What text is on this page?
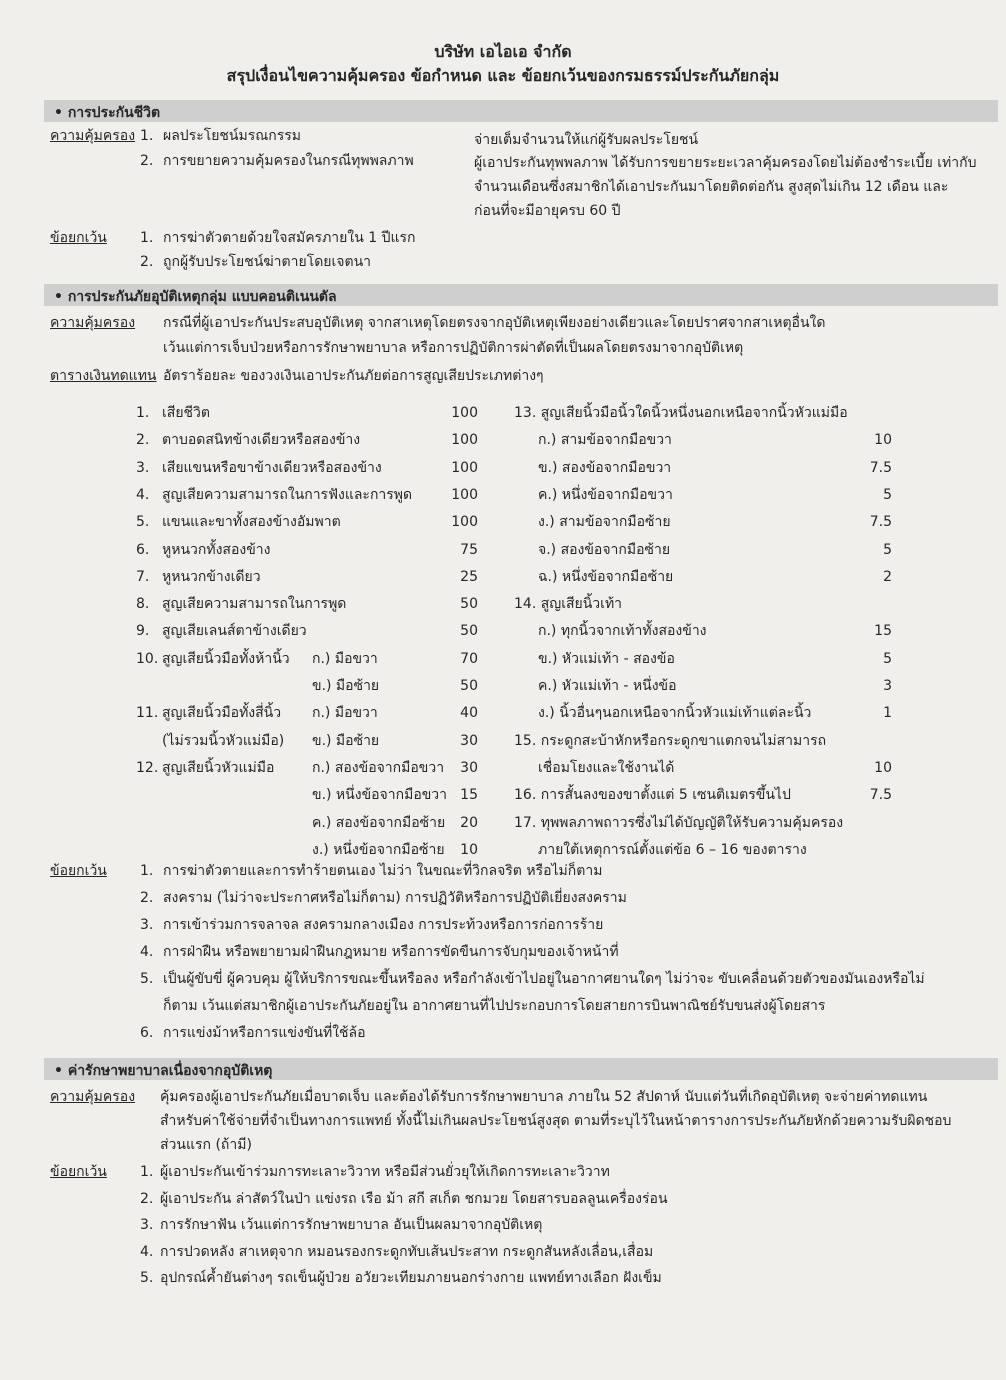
บริษัท เอไอเอ จำกัด
สรุปเงื่อนไขความคุ้มครอง ข้อกำหนด และ ข้อยกเว้นของกรมธรรม์ประกันภัยกลุ่ม
• การประกันชีวิต
ความคุ้มครอง 1. ผลประโยชน์มรณกรรม	จ่ายเต็มจำนวนให้แก่ผู้รับผลประโยชน์
2. การขยายความคุ้มครองในกรณีทุพพลภาพ	ผู้เอาประกันทุพพลภาพ ได้รับการขยายระยะเวลาคุ้มครองโดยไม่ต้องชำระเบี้ย เท่ากับ
จำนวนเดือนซึ่งสมาชิกได้เอาประกันมาโดยติดต่อกัน สูงสุดไม่เกิน 12 เดือน และ
ก่อนที่จะมีอายุครบ 60 ปี
ข้อยกเว้น 1. การฆ่าตัวตายด้วยใจสมัครภายใน 1 ปีแรก
2. ถูกผู้รับประโยชน์ฆ่าตายโดยเจตนา
• การประกันภัยอุบัติเหตุกลุ่ม แบบคอนติเนนตัล
ความคุ้มครอง กรณีที่ผู้เอาประกันประสบอุบัติเหตุ จากสาเหตุโดยตรงจากอุบัติเหตุเพียงอย่างเดียวและโดยปราศจากสาเหตุอื่นใด
เว้นแต่การเจ็บป่วยหรือการรักษาพยาบาล หรือการปฏิบัติการผ่าตัดที่เป็นผลโดยตรงมาจากอุบัติเหตุ
ตารางเงินทดแทน อัตราร้อยละ ของวงเงินเอาประกันภัยต่อการสูญเสียประเภทต่างๆ
1. เสียชีวิต	100
2. ตาบอดสนิทข้างเดียวหรือสองข้าง	100
3. เสียแขนหรือขาข้างเดียวหรือสองข้าง	100
4. สูญเสียความสามารถในการฟังและการพูด	100
5. แขนและขาทั้งสองข้างอัมพาต	100
6. หูหนวกทั้งสองข้าง	75
7. หูหนวกข้างเดียว	25
8. สูญเสียความสามารถในการพูด	50
9. สูญเสียเลนส์ตาข้างเดียว	50
10. สูญเสียนิ้วมือทั้งห้านิ้ว ก.) มือขวา	70
ข.) มือซ้าย	50
11. สูญเสียนิ้วมือทั้งสี่นิ้ว ก.) มือขวา	40
(ไม่รวมนิ้วหัวแม่มือ) ข.) มือซ้าย	30
12. สูญเสียนิ้วหัวแม่มือ	ก.) สองข้อจากมือขวา	30
ข.) หนึ่งข้อจากมือขวา 15
ค.) สองข้อจากมือซ้าย	20
ง.) หนึ่งข้อจากมือซ้าย	10
13. สูญเสียนิ้วมือนิ้วใดนิ้วหนึ่งนอกเหนือจากนิ้วหัวแม่มือ
ก.) สามข้อจากมือขวา	10
ข.) สองข้อจากมือขวา	7.5
ค.) หนึ่งข้อจากมือขวา	5
ง.) สามข้อจากมือซ้าย	7.5
จ.) สองข้อจากมือซ้าย	5
ฉ.) หนึ่งข้อจากมือซ้าย	2
14. สูญเสียนิ้วเท้า
ก.) ทุกนิ้วจากเท้าทั้งสองข้าง	15
ข.) หัวแม่เท้า - สองข้อ	5
ค.) หัวแม่เท้า - หนึ่งข้อ	3
ง.) นิ้วอื่นๆนอกเหนือจากนิ้วหัวแม่เท้าแต่ละนิ้ว	1
15. กระดูกสะบ้าหักหรือกระดูกขาแตกจนไม่สามารถ
เชื่อมโยงและใช้งานได้	10
16. การสั้นลงของขาตั้งแต่ 5 เซนติเมตรขึ้นไป	7.5
17. ทุพพลภาพถาวรซึ่งไม่ได้บัญญัติให้รับความคุ้มครอง
ภายใต้เหตุการณ์ตั้งแต่ข้อ 6 – 16 ของตาราง
ข้อยกเว้น 1. การฆ่าตัวตายและการทำร้ายตนเอง ไม่ว่า ในขณะที่วิกลจริต หรือไม่ก็ตาม
2. สงคราม (ไม่ว่าจะประกาศหรือไม่ก็ตาม) การปฏิวัติหรือการปฏิบัติเยี่ยงสงคราม
3. การเข้าร่วมการจลาจล สงครามกลางเมือง การประท้วงหรือการก่อการร้าย
4. การฝ่าฝืน หรือพยายามฝ่าฝืนกฎหมาย หรือการขัดขืนการจับกุมของเจ้าหน้าที่
5. เป็นผู้ขับขี่ ผู้ควบคุม ผู้ให้บริการขณะขึ้นหรือลง หรือกำลังเข้าไปอยู่ในอากาศยานใดๆ ไม่ว่าจะ ขับเคลื่อนด้วยตัวของมันเองหรือไม่
ก็ตาม เว้นแต่สมาชิกผู้เอาประกันภัยอยู่ใน อากาศยานที่ไปประกอบการโดยสายการบินพาณิชย์รับขนส่งผู้โดยสาร
6. การแข่งม้าหรือการแข่งขันที่ใช้ล้อ
• ค่ารักษาพยาบาลเนื่องจากอุบัติเหตุ
ความคุ้มครอง คุ้มครองผู้เอาประกันภัยเมื่อบาดเจ็บ และต้องได้รับการรักษาพยาบาล ภายใน 52 สัปดาห์ นับแต่วันที่เกิดอุบัติเหตุ จะจ่ายค่าทดแทน
สำหรับค่าใช้จ่ายที่จำเป็นทางการแพทย์ ทั้งนี้ไม่เกินผลประโยชน์สูงสุด ตามที่ระบุไว้ในหน้าตารางการประกันภัยหักด้วยความรับผิดชอบ
ส่วนแรก (ถ้ามี)
ข้อยกเว้น 1. ผู้เอาประกันเข้าร่วมการทะเลาะวิวาท หรือมีส่วนยั่วยุให้เกิดการทะเลาะวิวาท
2. ผู้เอาประกัน ล่าสัตว์ในป่า แข่งรถ เรือ ม้า สกี สเก็ต ชกมวย โดยสารบอลลูนเครื่องร่อน
3. การรักษาฟัน เว้นแต่การรักษาพยาบาล อันเป็นผลมาจากอุบัติเหตุ
4. การปวดหลัง สาเหตุจาก หมอนรองกระดูกทับเส้นประสาท กระดูกสันหลังเลื่อน,เสื่อม
5. อุปกรณ์ค้ำยันต่างๆ รถเข็นผู้ป่วย อวัยวะเทียมภายนอกร่างกาย แพทย์ทางเลือก ฝังเข็ม
